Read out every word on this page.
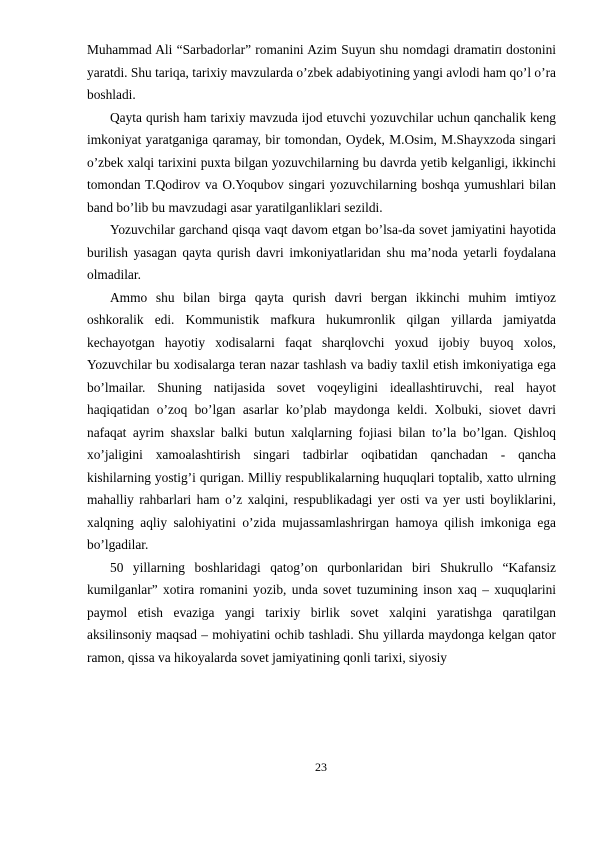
Muhammad Ali “Sarbadorlar” romanini Azim Suyun shu nomdagi dramatiп dostonini yaratdi. Shu tariqa, tarixiy mavzularda o’zbek adabiyotining yangi avlodi ham qo’l o’ra boshladi.

Qayta qurish ham tarixiy mavzuda ijod etuvchi yozuvchilar uchun qanchalik keng imkoniyat yaratganiga qaramay, bir tomondan, Oydek, M.Osim, M.Shayxzoda singari o’zbek xalqi tarixini puxta bilgan yozuvchilarning bu davrda yetib kelganligi, ikkinchi tomondan T.Qodirov va O.Yoqubov singari yozuvchilarning boshqa yumushlari bilan band bo’lib bu mavzudagi asar yaratilganliklari sezildi.

Yozuvchilar garchand qisqa vaqt davom etgan bo’lsa-da sovet jamiyatini hayotida burilish yasagan qayta qurish davri imkoniyatlaridan shu ma’noda yetarli foydalana olmadilar.

Ammo shu bilan birga qayta qurish davri bergan ikkinchi muhim imtiyoz oshkoralik edi. Kommunistik mafkura hukumronlik qilgan yillarda jamiyatda kechayotgan hayotiy xodisalarni faqat sharqlovchi yoxud ijobiy buyoq xolos, Yozuvchilar bu xodisalarga teran nazar tashlash va badiy taxlil etish imkoniyatiga ega bo’lmailar. Shuning natijasida sovet voqeyligini ideallashtiruvchi, real hayot haqiqatidan o’zoq bo’lgan asarlar ko’plab maydonga keldi. Xolbuki, siovet davri nafaqat ayrim shaxslar balki butun xalqlarning fojiasi bilan to’la bo’lgan. Qishloq xo’jaligini xamoalashtirish singari tadbirlar oqibatidan qanchadan - qancha kishilarning yostig’i qurigan. Milliy respublikalarning huquqlari toptalib, xatto ulrning mahalliy rahbarlari ham o’z xalqini, respublikadagi yer osti va yer usti boyliklarini, xalqning aqliy salohiyatini o’zida mujassamlashrirgan hamoya qilish imkoniga ega bo’lgadilar.

50 yillarning boshlaridagi qatog’on qurbonlaridan biri Shukrullo “Kafansiz kumilganlar” xotira romanini yozib, unda sovet tuzumining inson xaq – xuquqlarini paymol etish evaziga yangi tarixiy birlik sovet xalqini yaratishga qaratilgan aksilinsoniy maqsad – mohiyatini ochib tashladi. Shu yillarda maydonga kelgan qator ramon, qissa va hikoyalarda sovet jamiyatining qonli tarixi, siyosiy

23
